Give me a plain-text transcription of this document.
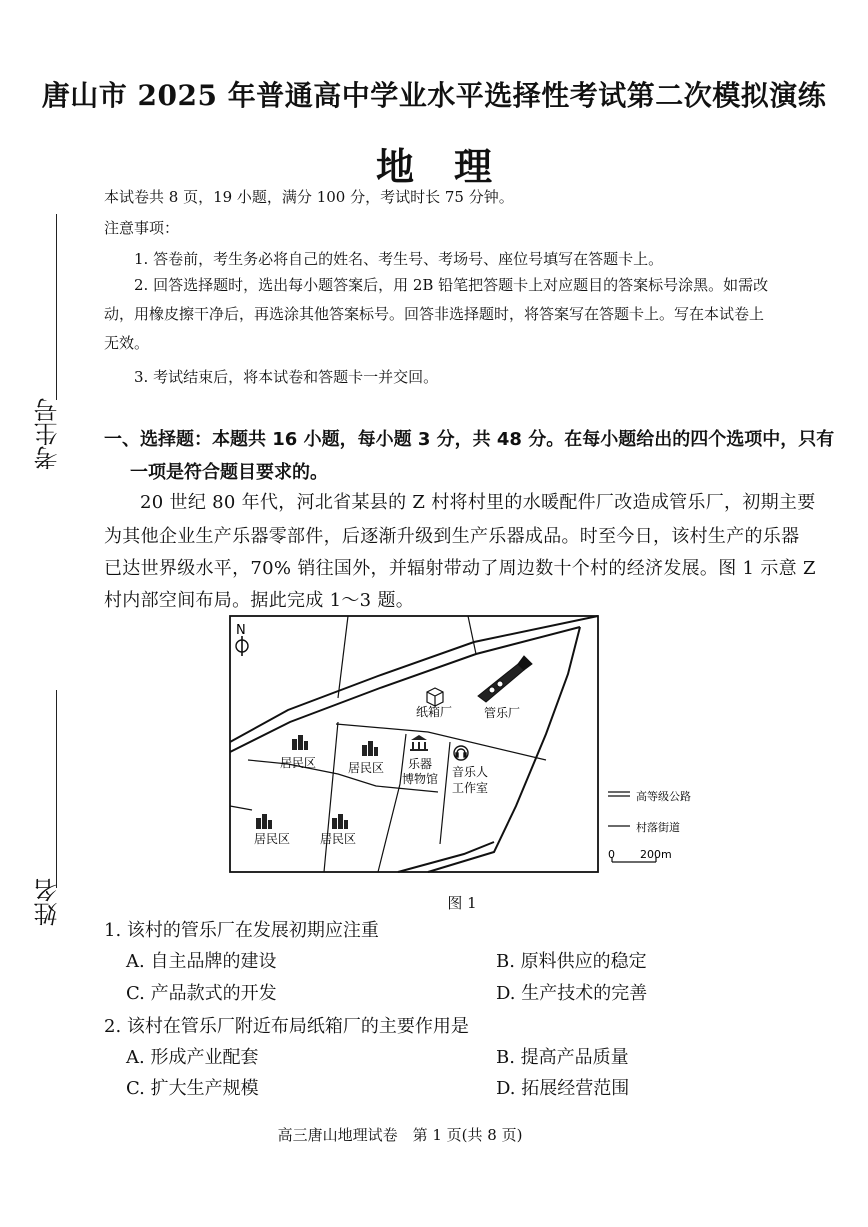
唐山市 2025 年普通高中学业水平选择性考试第二次模拟演练
地理
本试卷共 8 页，19 小题，满分 100 分，考试时长 75 分钟。
注意事项：
1. 答卷前，考生务必将自己的姓名、考生号、考场号、座位号填写在答题卡上。
2. 回答选择题时，选出每小题答案后，用 2B 铅笔把答题卡上对应题目的答案标号涂黑。如需改
动，用橡皮擦干净后，再选涂其他答案标号。回答非选择题时，将答案写在答题卡上。写在本试卷上
无效。
3. 考试结束后，将本试卷和答题卡一并交回。
考生号
姓名
一、选择题：本题共 16 小题，每小题 3 分，共 48 分。在每小题给出的四个选项中，只有
一项是符合题目要求的。
20 世纪 80 年代，河北省某县的 Z 村将村里的水暖配件厂改造成管乐厂，初期主要
为其他企业生产乐器零部件，后逐渐升级到生产乐器成品。时至今日，该村生产的乐器
已达世界级水平，70% 销往国外，并辐射带动了周边数十个村的经济发展。图 1 示意 Z
村内部空间布局。据此完成 1～3 题。
N
纸箱厂	管乐厂
居民区	居民区
居民区 居民区
乐器
博物馆 音乐人
工作室
高等级公路
村落街道
0 200m
图 1
1. 该村的管乐厂在发展初期应注重
A. 自主品牌的建设	B. 原料供应的稳定
C. 产品款式的开发	D. 生产技术的完善
2. 该村在管乐厂附近布局纸箱厂的主要作用是
A. 形成产业配套	B. 提高产品质量
C. 扩大生产规模	D. 拓展经营范围
高三唐山地理试卷　第 1 页(共 8 页)
